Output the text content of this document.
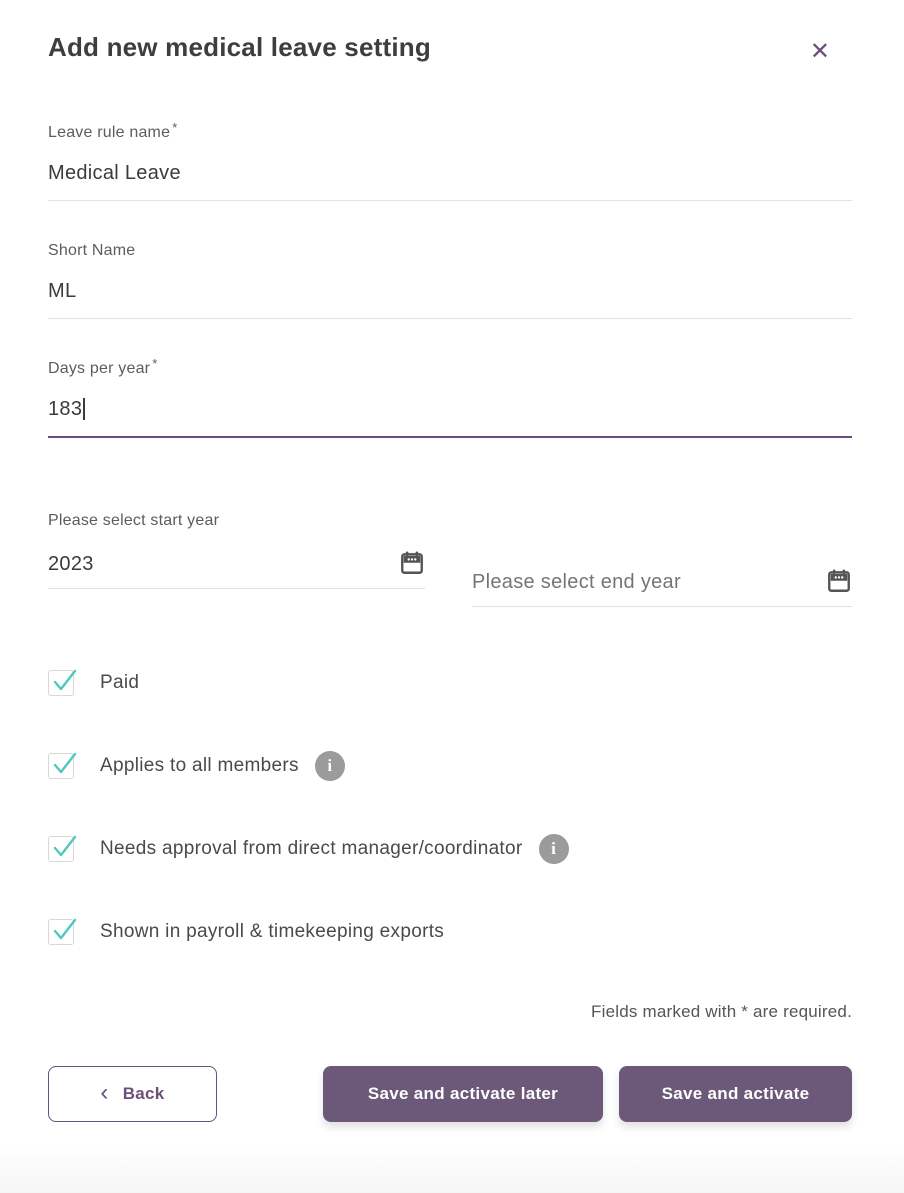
Add new medical leave setting	✕
Leave rule name *
Medical Leave
Short Name
ML
Days per year *
183
Please select start year
2023
Please select end year
Paid
Applies to all members	i
Needs approval from direct manager/coordinator	i
Shown in payroll & timekeeping exports
Fields marked with * are required.
‹ Back	Save and activate later	Save and activate
